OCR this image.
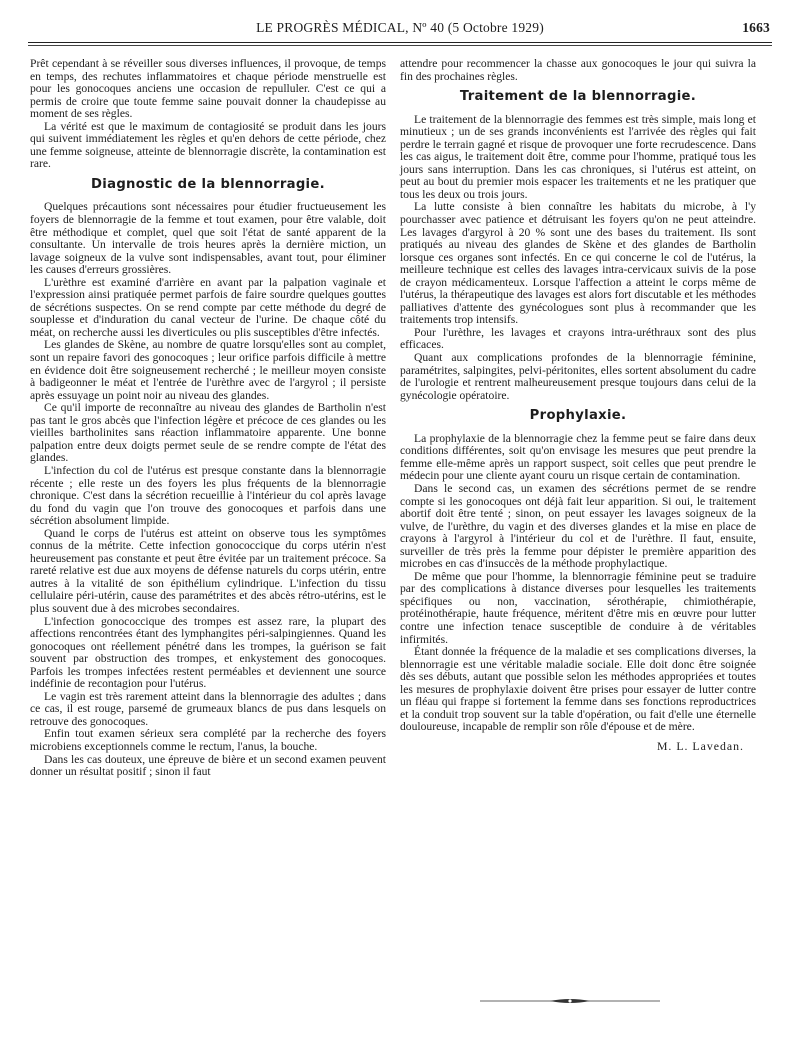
LE PROGRÈS MÉDICAL, Nº 40 (5 Octobre 1929)	1663

Prêt cependant à se réveiller sous diverses influences, il provoque, de temps en temps, des rechutes inflammatoires et chaque période menstruelle est pour les gonocoques anciens une occasion de repulluler. C'est ce qui a permis de croire que toute femme saine pouvait donner la chaudepisse au moment de ses règles.

La vérité est que le maximum de contagiosité se produit dans les jours qui suivent immédiatement les règles et qu'en dehors de cette période, chez une femme soigneuse, atteinte de blennorragie discrète, la contamination est rare.

Diagnostic de la blennorragie.

Quelques précautions sont nécessaires pour étudier fructueusement les foyers de blennorragie de la femme et tout examen, pour être valable, doit être méthodique et complet, quel que soit l'état de santé apparent de la consultante. Un intervalle de trois heures après la dernière miction, un lavage soigneux de la vulve sont indispensables, avant tout, pour éliminer les causes d'erreurs grossières.

L'urèthre est examiné d'arrière en avant par la palpation vaginale et l'expression ainsi pratiquée permet parfois de faire sourdre quelques gouttes de sécrétions suspectes. On se rend compte par cette méthode du degré de souplesse et d'induration du canal vecteur de l'urine. De chaque côté du méat, on recherche aussi les diverticules ou plis susceptibles d'être infectés.

Les glandes de Skène, au nombre de quatre lorsqu'elles sont au complet, sont un repaire favori des gonocoques ; leur orifice parfois difficile à mettre en évidence doit être soigneusement recherché ; le meilleur moyen consiste à badigeonner le méat et l'entrée de l'urèthre avec de l'argyrol ; il persiste après essuyage un point noir au niveau des glandes.

Ce qu'il importe de reconnaître au niveau des glandes de Bartholin n'est pas tant le gros abcès que l'infection légère et précoce de ces glandes ou les vieilles bartholinites sans réaction inflammatoire apparente. Une bonne palpation entre deux doigts permet seule de se rendre compte de l'état des glandes.

L'infection du col de l'utérus est presque constante dans la blennorragie récente ; elle reste un des foyers les plus fréquents de la blennorragie chronique. C'est dans la sécrétion recueillie à l'intérieur du col après lavage du fond du vagin que l'on trouve des gonocoques et parfois dans une sécrétion absolument limpide.

Quand le corps de l'utérus est atteint on observe tous les symptômes connus de la métrite. Cette infection gonococcique du corps utérin n'est heureusement pas constante et peut être évitée par un traitement précoce. Sa rareté relative est due aux moyens de défense naturels du corps utérin, entre autres à la vitalité de son épithélium cylindrique. L'infection du tissu cellulaire péri-utérin, cause des paramétrites et des abcès rétro-utérins, est le plus souvent due à des microbes secondaires.

L'infection gonococcique des trompes est assez rare, la plupart des affections rencontrées étant des lymphangites péri-salpingiennes. Quand les gonocoques ont réellement pénétré dans les trompes, la guérison se fait souvent par obstruction des trompes, et enkystement des gonocoques. Parfois les trompes infectées restent perméables et deviennent une source indéfinie de recontagion pour l'utérus.

Le vagin est très rarement atteint dans la blennorragie des adultes ; dans ce cas, il est rouge, parsemé de grumeaux blancs de pus dans lesquels on retrouve des gonocoques.

Enfin tout examen sérieux sera complété par la recherche des foyers microbiens exceptionnels comme le rectum, l'anus, la bouche.

Dans les cas douteux, une épreuve de bière et un second examen peuvent donner un résultat positif ; sinon il faut

attendre pour recommencer la chasse aux gonocoques le jour qui suivra la fin des prochaines règles.

Traitement de la blennorragie.

Le traitement de la blennorragie des femmes est très simple, mais long et minutieux ; un de ses grands inconvénients est l'arrivée des règles qui fait perdre le terrain gagné et risque de provoquer une forte recrudescence. Dans les cas aigus, le traitement doit être, comme pour l'homme, pratiqué tous les jours sans interruption. Dans les cas chroniques, si l'utérus est atteint, on peut au bout du premier mois espacer les traitements et ne les pratiquer que tous les deux ou trois jours.

La lutte consiste à bien connaître les habitats du microbe, à l'y pourchasser avec patience et détruisant les foyers qu'on ne peut atteindre. Les lavages d'argyrol à 20 % sont une des bases du traitement. Ils sont pratiqués au niveau des glandes de Skène et des glandes de Bartholin lorsque ces organes sont infectés. En ce qui concerne le col de l'utérus, la meilleure technique est celles des lavages intra-cervicaux suivis de la pose de crayon médicamenteux. Lorsque l'affection a atteint le corps même de l'utérus, la thérapeutique des lavages est alors fort discutable et les méthodes palliatives d'attente des gynécologues sont plus à recommander que les traitements trop intensifs.

Pour l'urèthre, les lavages et crayons intra-uréthraux sont des plus efficaces.

Quant aux complications profondes de la blennorragie féminine, paramétrites, salpingites, pelvi-péritonites, elles sortent absolument du cadre de l'urologie et rentrent malheureusement presque toujours dans celui de la gynécologie opératoire.

Prophylaxie.

La prophylaxie de la blennorragie chez la femme peut se faire dans deux conditions différentes, soit qu'on envisage les mesures que peut prendre la femme elle-même après un rapport suspect, soit celles que peut prendre le médecin pour une cliente ayant couru un risque certain de contamination.

Dans le second cas, un examen des sécrétions permet de se rendre compte si les gonocoques ont déjà fait leur apparition. Si oui, le traitement abortif doit être tenté ; sinon, on peut essayer les lavages soigneux de la vulve, de l'urèthre, du vagin et des diverses glandes et la mise en place de crayons à l'argyrol à l'intérieur du col et de l'urèthre. Il faut, ensuite, surveiller de très près la femme pour dépister le première apparition des microbes en cas d'insuccès de la méthode prophylactique.

De même que pour l'homme, la blennorragie féminine peut se traduire par des complications à distance diverses pour lesquelles les traitements spécifiques ou non, vaccination, sérothérapie, chimiothérapie, protéinothérapie, haute fréquence, méritent d'être mis en œuvre pour lutter contre une infection tenace susceptible de conduire à de véritables infirmités.

Étant donnée la fréquence de la maladie et ses complications diverses, la blennorragie est une véritable maladie sociale. Elle doit donc être soignée dès ses débuts, autant que possible selon les méthodes appropriées et toutes les mesures de prophylaxie doivent être prises pour essayer de lutter contre un fléau qui frappe si fortement la femme dans ses fonctions reproductrices et la conduit trop souvent sur la table d'opération, ou fait d'elle une éternelle douloureuse, incapable de remplir son rôle d'épouse et de mère.

M. L. Lavedan.
